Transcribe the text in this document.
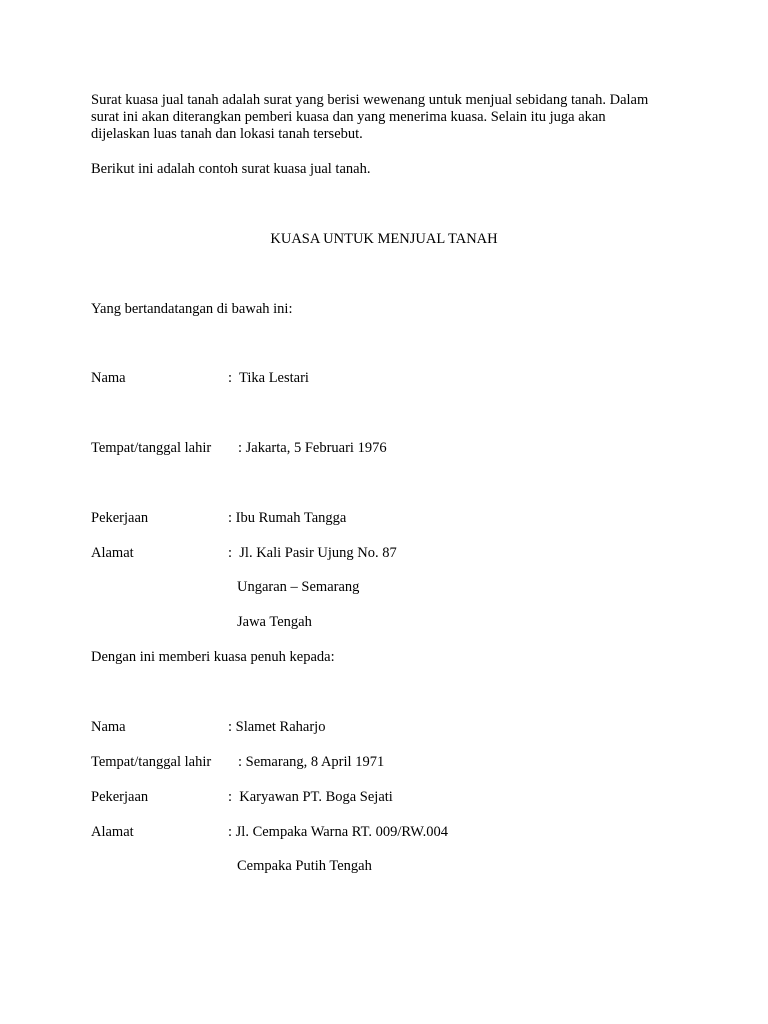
Surat kuasa jual tanah adalah surat yang berisi wewenang untuk menjual sebidang tanah. Dalam
surat ini akan diterangkan pemberi kuasa dan yang menerima kuasa. Selain itu juga akan
dijelaskan luas tanah dan lokasi tanah tersebut.
Berikut ini adalah contoh surat kuasa jual tanah.
KUASA UNTUK MENJUAL TANAH
Yang bertandatangan di bawah ini:
Nama	:  Tika Lestari
Tempat/tanggal lahir : Jakarta, 5 Februari 1976
Pekerjaan	: Ibu Rumah Tangga
Alamat	:  Jl. Kali Pasir Ujung No. 87
Ungaran – Semarang
Jawa Tengah
Dengan ini memberi kuasa penuh kepada:
Nama	: Slamet Raharjo
Tempat/tanggal lahir : Semarang, 8 April 1971
Pekerjaan	:  Karyawan PT. Boga Sejati
Alamat	: Jl. Cempaka Warna RT. 009/RW.004
Cempaka Putih Tengah
